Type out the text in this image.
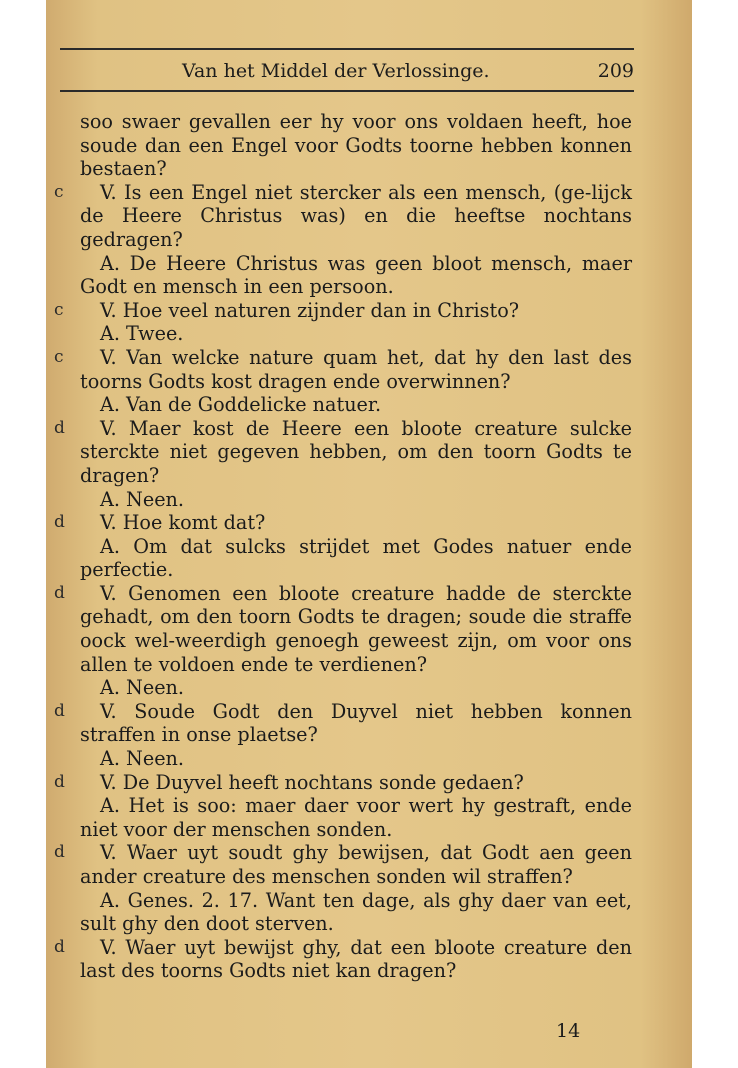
Van het Middel der Verlossinge.	209

soo swaer gevallen eer hy voor ons voldaen heeft, hoe soude dan een Engel voor Godts toorne hebben konnen bestaen?

c V. Is een Engel niet stercker als een mensch, (ge-lijck de Heere Christus was) en die heeftse nochtans gedragen?

A. De Heere Christus was geen bloot mensch, maer Godt en mensch in een persoon.

c V. Hoe veel naturen zijnder dan in Christo?

A. Twee.

c V. Van welcke nature quam het, dat hy den last des toorns Godts kost dragen ende overwinnen?

A. Van de Goddelicke natuer.

d V. Maer kost de Heere een bloote creature sulcke sterckte niet gegeven hebben, om den toorn Godts te dragen?

A. Neen.

d V. Hoe komt dat?

A. Om dat sulcks strijdet met Godes natuer ende perfectie.

d V. Genomen een bloote creature hadde de sterckte gehadt, om den toorn Godts te dragen; soude die straffe oock wel-weerdigh genoegh geweest zijn, om voor ons allen te voldoen ende te verdienen?

A. Neen.

d V. Soude Godt den Duyvel niet hebben konnen straffen in onse plaetse?

A. Neen.

d V. De Duyvel heeft nochtans sonde gedaen?

A. Het is soo: maer daer voor wert hy gestraft, ende niet voor der menschen sonden.

d V. Waer uyt soudt ghy bewijsen, dat Godt aen geen ander creature des menschen sonden wil straffen?

A. Genes. 2. 17. Want ten dage, als ghy daer van eet, sult ghy den doot sterven.

d V. Waer uyt bewijst ghy, dat een bloote creature den last des toorns Godts niet kan dragen?

14
